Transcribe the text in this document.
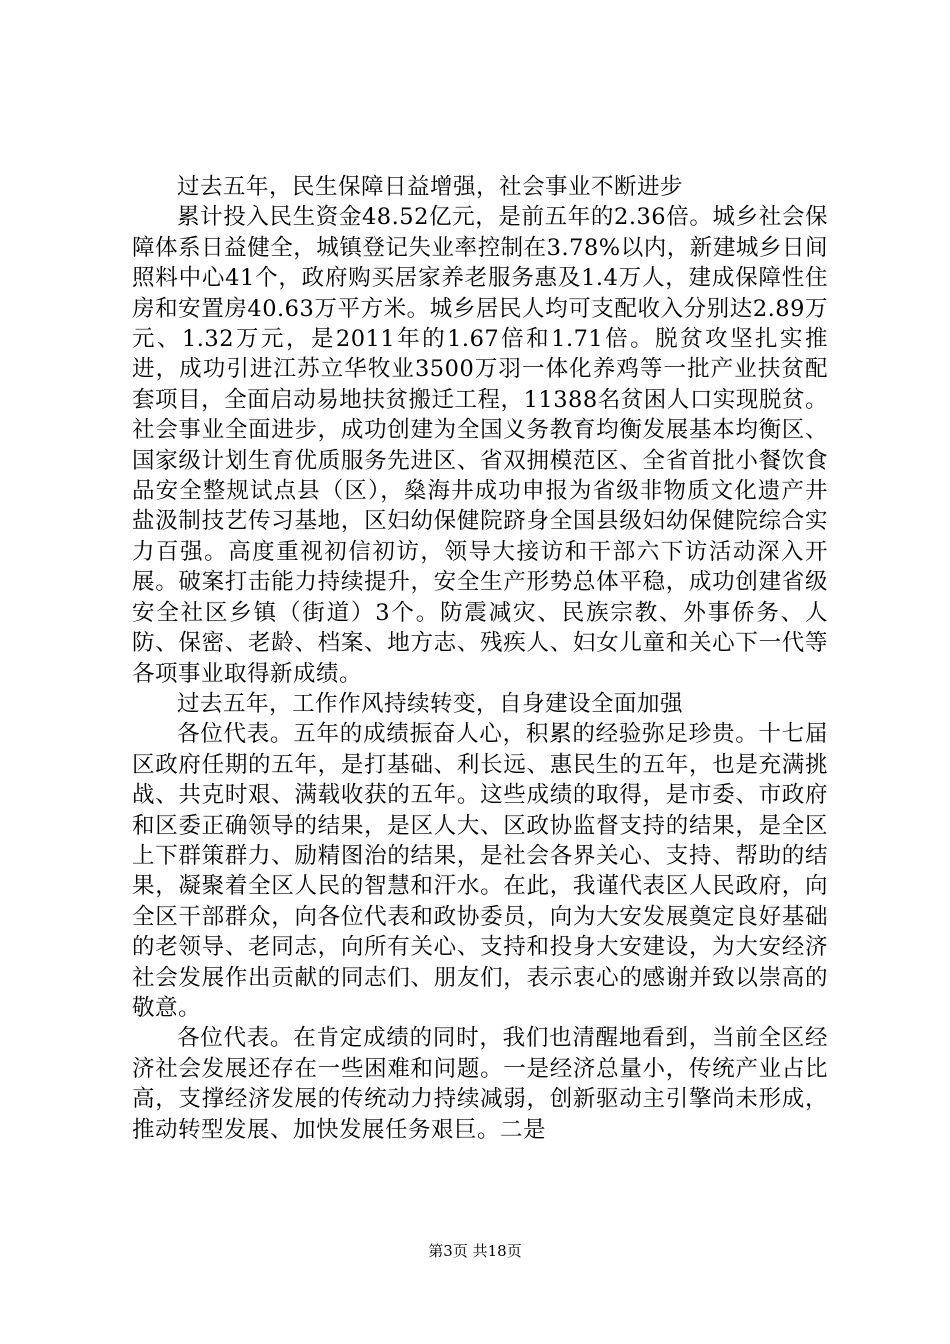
过去五年，民生保障日益增强，社会事业不断进步

累计投入民生资金48.52亿元，是前五年的2.36倍。城乡社会保障体系日益健全，城镇登记失业率控制在3.78%以内，新建城乡日间照料中心41个，政府购买居家养老服务惠及1.4万人，建成保障性住房和安置房40.63万平方米。城乡居民人均可支配收入分别达2.89万元、1.32万元，是2011年的1.67倍和1.71倍。脱贫攻坚扎实推进，成功引进江苏立华牧业3500万羽一体化养鸡等一批产业扶贫配套项目，全面启动易地扶贫搬迁工程，11388名贫困人口实现脱贫。社会事业全面进步，成功创建为全国义务教育均衡发展基本均衡区、国家级计划生育优质服务先进区、省双拥模范区、全省首批小餐饮食品安全整规试点县（区），燊海井成功申报为省级非物质文化遗产井盐汲制技艺传习基地，区妇幼保健院跻身全国县级妇幼保健院综合实力百强。高度重视初信初访，领导大接访和干部六下访活动深入开展。破案打击能力持续提升，安全生产形势总体平稳，成功创建省级安全社区乡镇（街道）3个。防震减灾、民族宗教、外事侨务、人防、保密、老龄、档案、地方志、残疾人、妇女儿童和关心下一代等各项事业取得新成绩。

过去五年，工作作风持续转变，自身建设全面加强

各位代表。五年的成绩振奋人心，积累的经验弥足珍贵。十七届区政府任期的五年，是打基础、利长远、惠民生的五年，也是充满挑战、共克时艰、满载收获的五年。这些成绩的取得，是市委、市政府和区委正确领导的结果，是区人大、区政协监督支持的结果，是全区上下群策群力、励精图治的结果，是社会各界关心、支持、帮助的结果，凝聚着全区人民的智慧和汗水。在此，我谨代表区人民政府，向全区干部群众，向各位代表和政协委员，向为大安发展奠定良好基础的老领导、老同志，向所有关心、支持和投身大安建设，为大安经济社会发展作出贡献的同志们、朋友们，表示衷心的感谢并致以崇高的敬意。

各位代表。在肯定成绩的同时，我们也清醒地看到，当前全区经济社会发展还存在一些困难和问题。一是经济总量小，传统产业占比高，支撑经济发展的传统动力持续减弱，创新驱动主引擎尚未形成，推动转型发展、加快发展任务艰巨。二是

第3页 共18页
